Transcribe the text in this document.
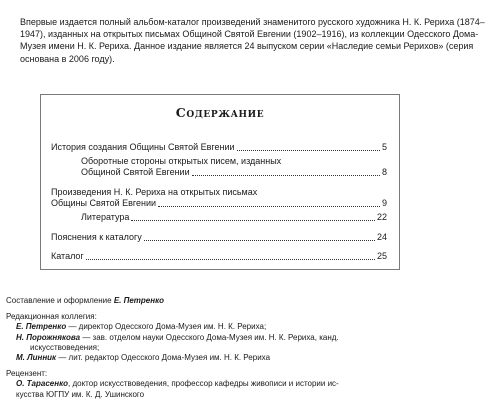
Впервые издается полный альбом-каталог произведений знаменитого русского художника Н. К. Рериха (1874–1947), изданных на открытых письмах Общиной Святой Евгении (1902–1916), из коллекции Одесского Дома-Музея имени Н. К. Рериха. Данное издание является 24 выпуском серии «Наследие семьи Рерихов» (серия основана в 2006 году).

Содержание
История создания Общины Святой Евгении	5
Оборотные стороны открытых писем, изданных
Общиной Святой Евгении	8
Произведения Н. К. Рериха на открытых письмах
Общины Святой Евгении	9
Литература	22
Пояснения к каталогу	24
Каталог	25
Составление и оформление Е. Петренко
Редакционная коллегия:
Е. Петренко — директор Одесского Дома-Музея им. Н. К. Рериха;
Н. Порожнякова — зав. отделом науки Одесского Дома-Музея им. Н. К. Рериха, канд.
искусствоведения;
М. Линник — лит. редактор Одесского Дома-Музея им. Н. К. Рериха
Рецензент:
О. Тарасенко, доктор искусствоведения, профессор кафедры живописи и истории ис-
кусства ЮГПУ им. К. Д. Ушинского
